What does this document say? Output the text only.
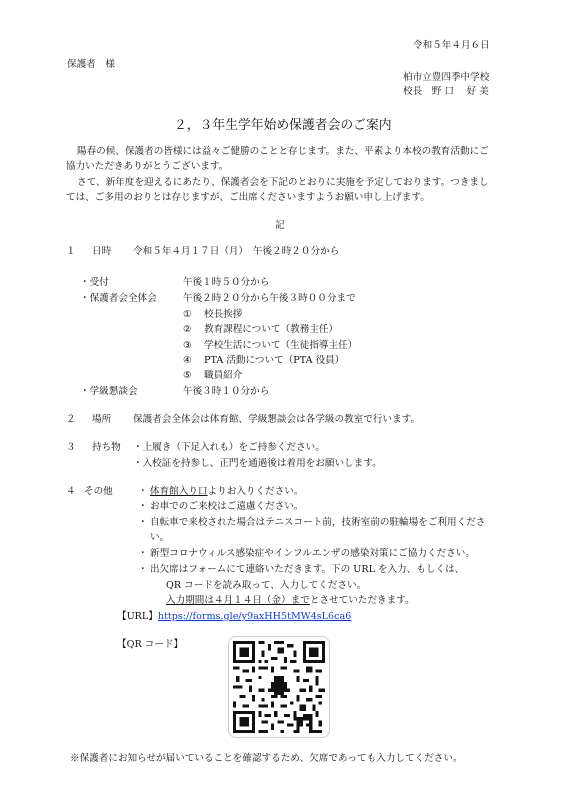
令和５年４月６日
保護者　様
柏市立豊四季中学校
校長　野 口　 好 美
２，３年生学年始め保護者会のご案内
陽春の候、保護者の皆様には益々ご健勝のことと存じます。また、平素より本校の教育活動にご
協力いただきありがとうございます。
さて、新年度を迎えるにあたり、保護者会を下記のとおりに実施を予定しております。つきまし
ては、ご多用のおりとは存じますが、ご出席くださいますようお願い申し上げます。
記
１ 日時 令和５年４月１７日（月）　午後２時２０分から
・受付	午後１時５０分から
・保護者会全体会	午後２時２０分から午後３時００分まで
① 校長挨拶
② 教育課程について（教務主任）
③ 学校生活について（生徒指導主任）
④ PTA 活動について（PTA 役員）
⑤ 職員紹介
・学級懇談会	午後３時１０分から
２ 場所 保護者会全体会は体育館、学級懇談会は各学級の教室で行います。
３ 持ち物 ・上履き（下足入れも）をご持参ください。
・入校証を持参し、正門を通過後は着用をお願いします。
４ その他	・ 体育館入り口よりお入りください。
・ お車でのご来校はご遠慮ください。
・ 自転車で来校された場合はテニスコート前，技術室前の駐輪場をご利用くださ
い。
・ 新型コロナウィルス感染症やインフルエンザの感染対策にご協力ください。
・ 出欠席はフォームにて連絡いただきます。下の URL を入力、もしくは、
QR コードを読み取って、入力してください。
入力期間は４月１４日（金）までとさせていただきます。
【URL】https://forms.gle/y9axHH5tMW4sL6ca6
【QR コード】
※保護者にお知らせが届いていることを確認するため、欠席であっても入力してください。
